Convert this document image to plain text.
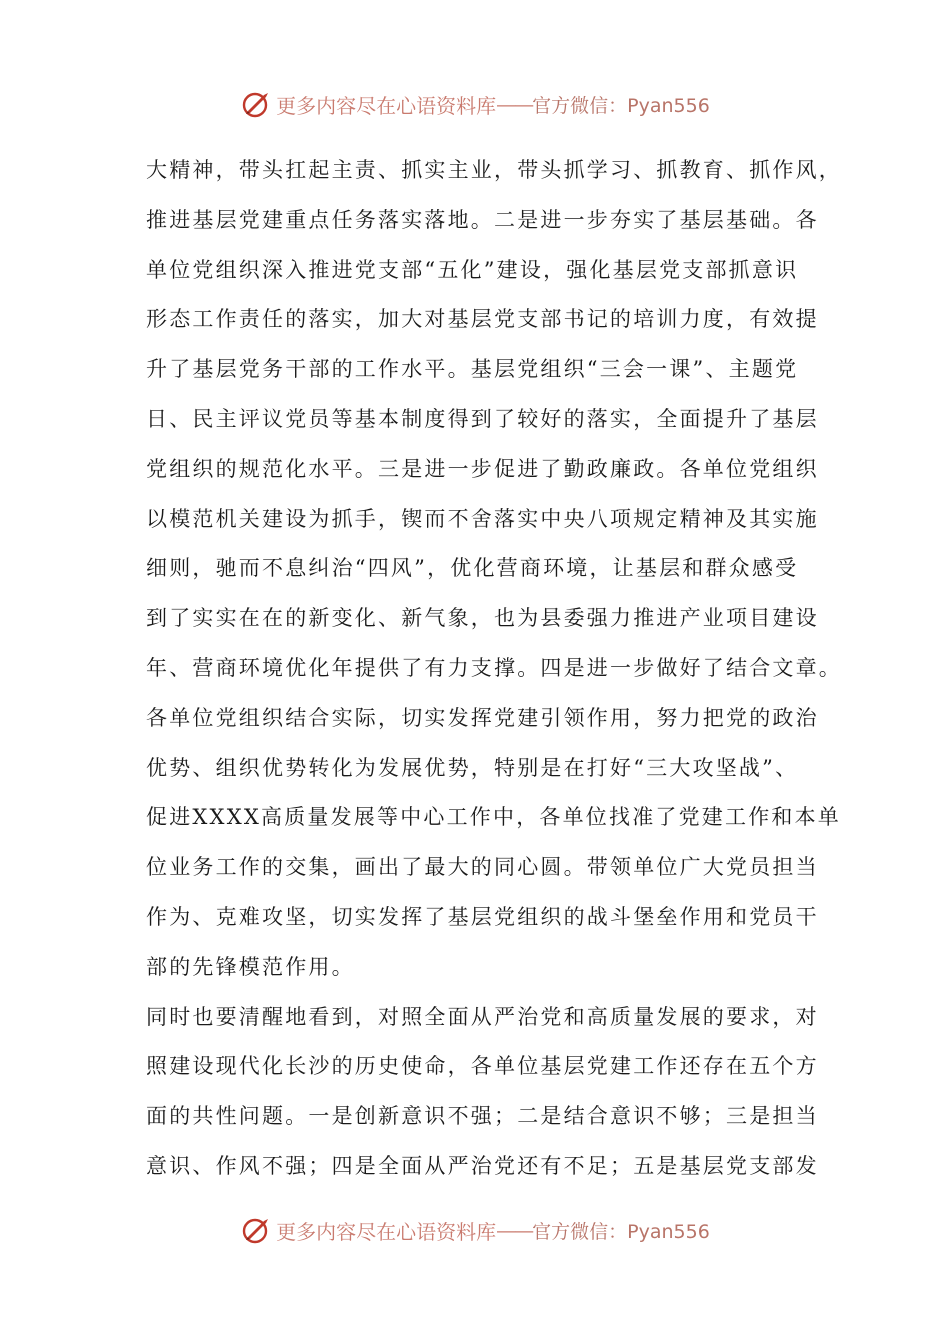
更多内容尽在心语资料库 —— 官方微信：Pyan556
大精神，带头扛起主责、抓实主业，带头抓学习、抓教育、抓作风，
推进基层党建重点任务落实落地。二是进一步夯实了基层基础。各
单位党组织深入推进党支部“五化”建设，强化基层党支部抓意识
形态工作责任的落实，加大对基层党支部书记的培训力度，有效提
升了基层党务干部的工作水平。基层党组织“三会一课”、主题党
日、民主评议党员等基本制度得到了较好的落实，全面提升了基层
党组织的规范化水平。三是进一步促进了勤政廉政。各单位党组织
以模范机关建设为抓手，锲而不舍落实中央八项规定精神及其实施
细则，驰而不息纠治“四风”，优化营商环境，让基层和群众感受
到了实实在在的新变化、新气象，也为县委强力推进产业项目建设
年、营商环境优化年提供了有力支撑。四是进一步做好了结合文章。
各单位党组织结合实际，切实发挥党建引领作用，努力把党的政治
优势、组织优势转化为发展优势，特别是在打好“三大攻坚战”、
促进XXXX高质量发展等中心工作中，各单位找准了党建工作和本单
位业务工作的交集，画出了最大的同心圆。带领单位广大党员担当
作为、克难攻坚，切实发挥了基层党组织的战斗堡垒作用和党员干
部的先锋模范作用。
同时也要清醒地看到，对照全面从严治党和高质量发展的要求，对
照建设现代化长沙的历史使命，各单位基层党建工作还存在五个方
面的共性问题。一是创新意识不强；二是结合意识不够；三是担当
意识、作风不强；四是全面从严治党还有不足；五是基层党支部发
更多内容尽在心语资料库 —— 官方微信：Pyan556
